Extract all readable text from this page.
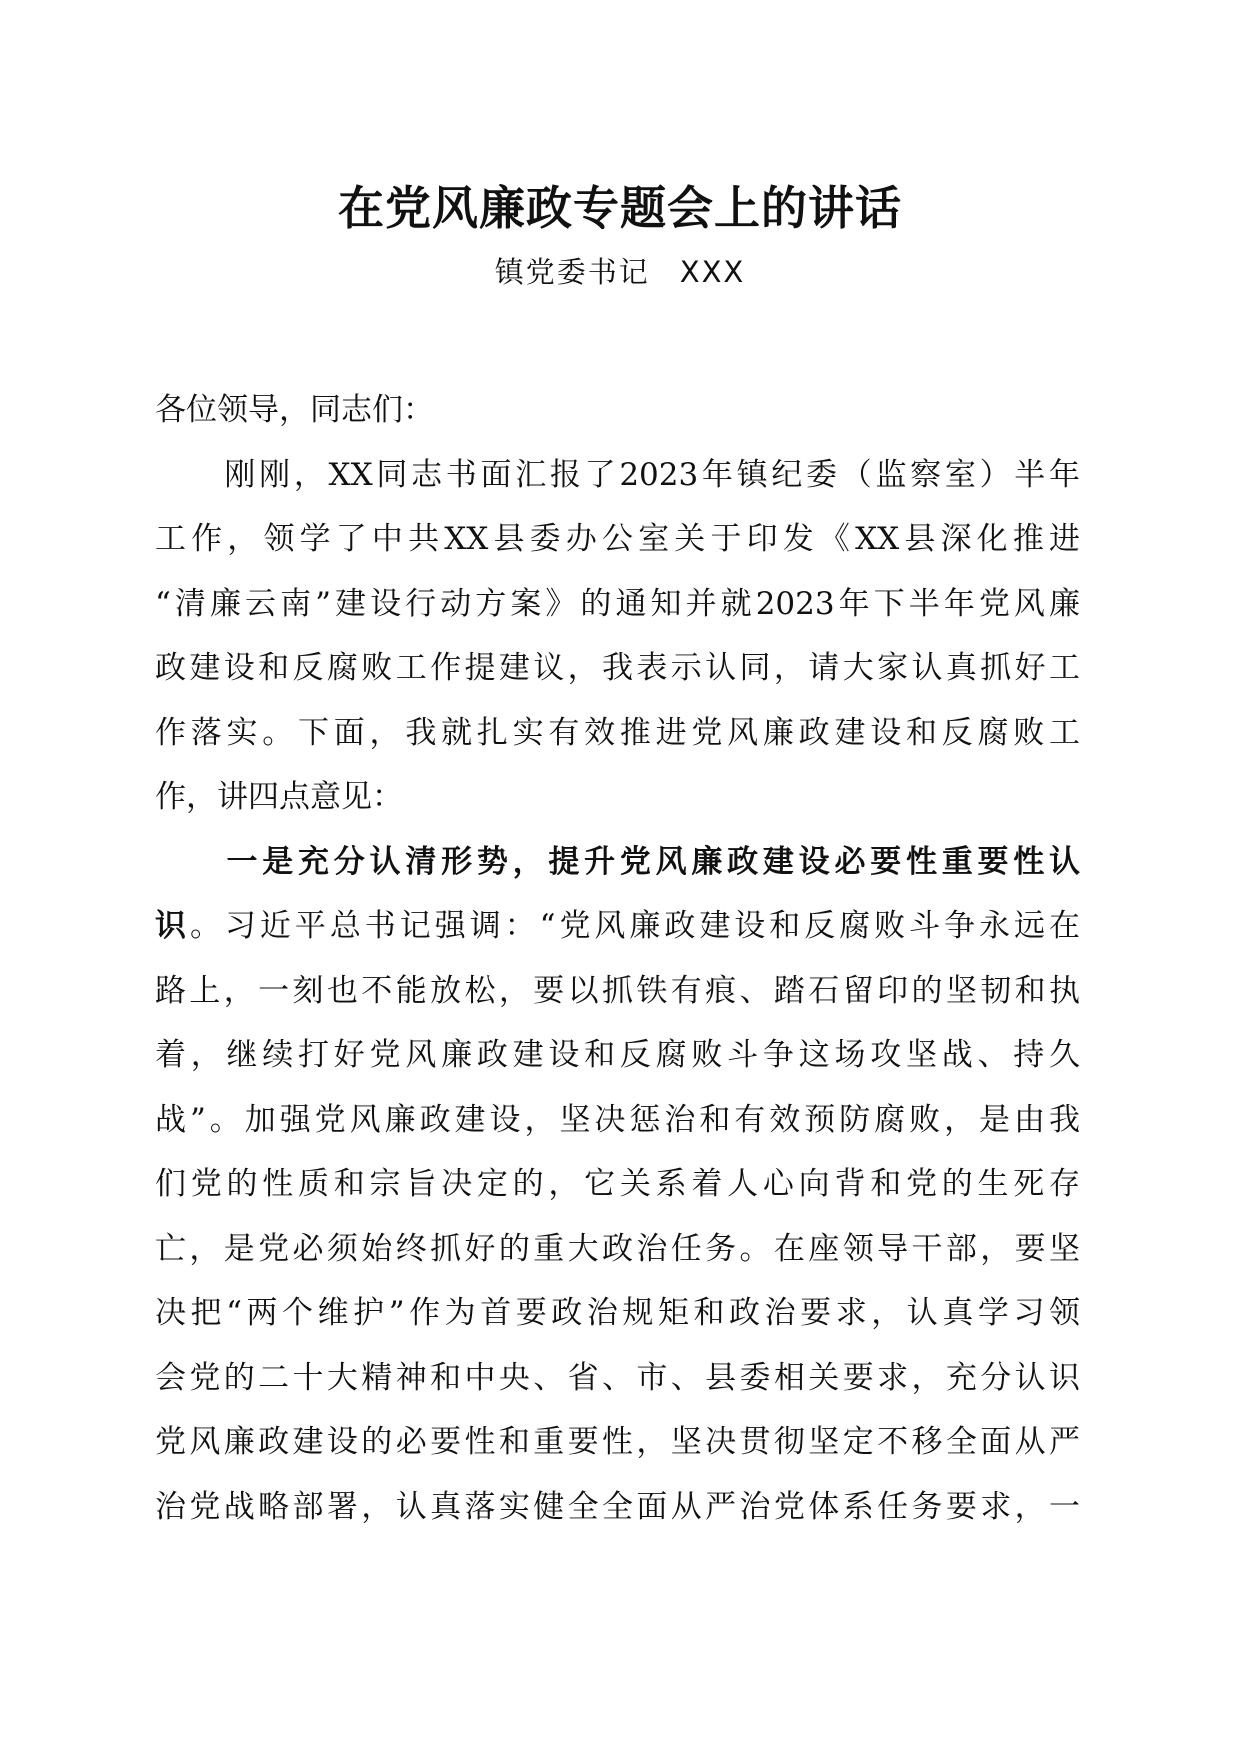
在党风廉政专题会上的讲话
镇党委书记 XXX
各位领导，同志们：
　　刚刚，XX同志书面汇报了2023年镇纪委（监察室）半年
工作，领学了中共XX县委办公室关于印发《XX县深化推进
“清廉云南”建设行动方案》的通知并就2023年下半年党风廉
政建设和反腐败工作提建议，我表示认同，请大家认真抓好工
作落实。下面，我就扎实有效推进党风廉政建设和反腐败工
作，讲四点意见：
　　一是充分认清形势，提升党风廉政建设必要性重要性认
识。习近平总书记强调：“党风廉政建设和反腐败斗争永远在
路上，一刻也不能放松，要以抓铁有痕、踏石留印的坚韧和执
着，继续打好党风廉政建设和反腐败斗争这场攻坚战、持久
战”。加强党风廉政建设，坚决惩治和有效预防腐败，是由我
们党的性质和宗旨决定的，它关系着人心向背和党的生死存
亡，是党必须始终抓好的重大政治任务。在座领导干部，要坚
决把“两个维护”作为首要政治规矩和政治要求，认真学习领
会党的二十大精神和中央、省、市、县委相关要求，充分认识
党风廉政建设的必要性和重要性，坚决贯彻坚定不移全面从严
治党战略部署，认真落实健全全面从严治党体系任务要求，一
